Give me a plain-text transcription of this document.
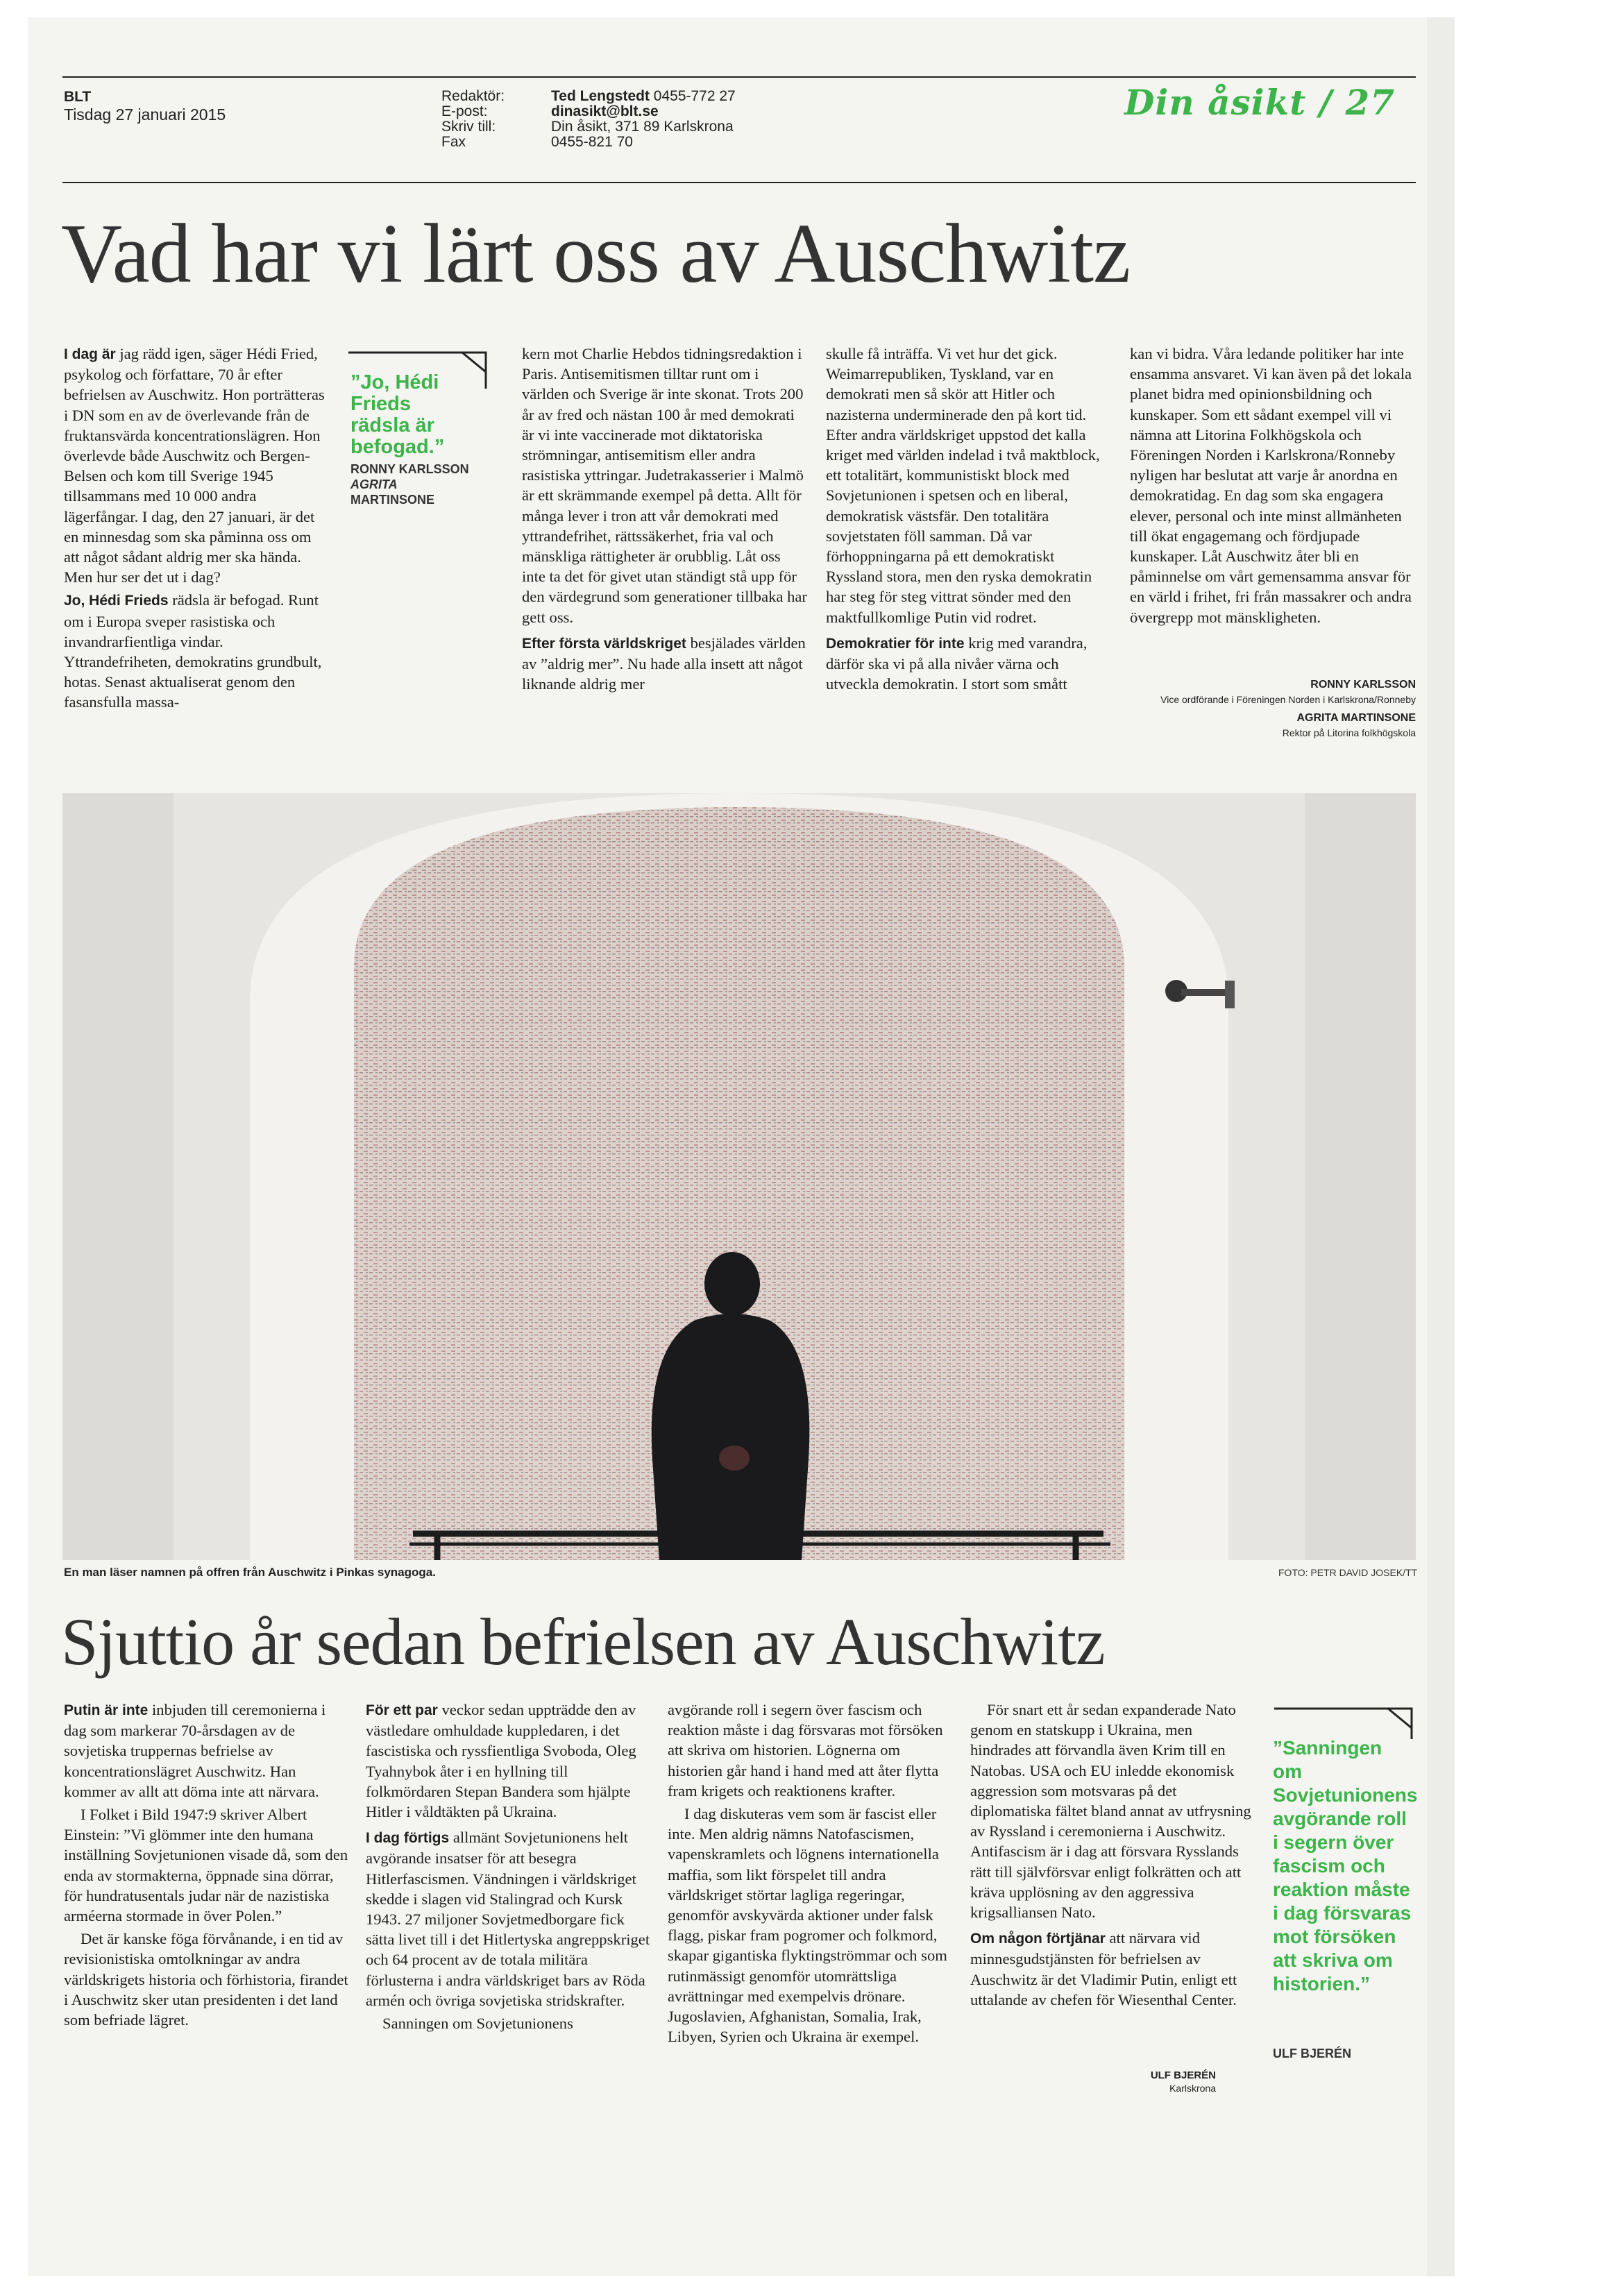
BLT
Tisdag 27 januari 2015
Redaktör:
E-post:
Skriv till:
Fax
Ted Lengstedt 0455-772 27
dinasikt@blt.se
Din åsikt, 371 89 Karlskrona
0455-821 70
Din åsikt / 27
Vad har vi lärt oss av Auschwitz

I dag är jag rädd igen, säger Hédi Fried, psykolog och författare, 70 år efter befrielsen av Auschwitz. Hon porträtteras i DN som en av de överlevande från de fruktansvärda koncentrationslägren. Hon överlevde både Auschwitz och Bergen-Belsen och kom till Sverige 1945 tillsammans med 10 000 andra lägerfångar. I dag, den 27 januari, är det en minnesdag som ska påminna oss om att något sådant aldrig mer ska hända. Men hur ser det ut i dag?

Jo, Hédi Frieds rädsla är befogad. Runt om i Europa sveper rasistiska och invandrarfientliga vindar. Yttrandefriheten, demokratins grundbult, hotas. Senast aktualiserat genom den fasansfulla massa-

”Jo, Hédi Frieds rädsla är befogad.”
RONNY KARLSSON
AGRITA
MARTINSONE

kern mot Charlie Hebdos tidningsredaktion i Paris. Antisemitismen tilltar runt om i världen och Sverige är inte skonat. Trots 200 år av fred och nästan 100 år med demokrati är vi inte vaccinerade mot diktatoriska strömningar, antisemitism eller andra rasistiska yttringar. Judetrakasserier i Malmö är ett skrämmande exempel på detta. Allt för många lever i tron att vår demokrati med yttrandefrihet, rättssäkerhet, fria val och mänskliga rättigheter är orubblig. Låt oss inte ta det för givet utan ständigt stå upp för den värdegrund som generationer tillbaka har gett oss.

Efter första världskriget besjälades världen av ”aldrig mer”. Nu hade alla insett att något liknande aldrig mer

skulle få inträffa. Vi vet hur det gick. Weimarrepubliken, Tyskland, var en demokrati men så skör att Hitler och nazisterna underminerade den på kort tid. Efter andra världskriget uppstod det kalla kriget med världen indelad i två maktblock, ett totalitärt, kommunistiskt block med Sovjetunionen i spetsen och en liberal, demokratisk västsfär. Den totalitära sovjetstaten föll samman. Då var förhoppningarna på ett demokratiskt Ryssland stora, men den ryska demokratin har steg för steg vittrat sönder med den maktfullkomlige Putin vid rodret.

Demokratier för inte krig med varandra, därför ska vi på alla nivåer värna och utveckla demokratin. I stort som smått

kan vi bidra. Våra ledande politiker har inte ensamma ansvaret. Vi kan även på det lokala planet bidra med opinionsbildning och kunskaper. Som ett sådant exempel vill vi nämna att Litorina Folkhögskola och Föreningen Norden i Karlskrona/Ronneby nyligen har beslutat att varje år anordna en demokratidag. En dag som ska engagera elever, personal och inte minst allmänheten till ökat engagemang och fördjupade kunskaper. Låt Auschwitz åter bli en påminnelse om vårt gemensamma ansvar för en värld i frihet, fri från massakrer och andra övergrepp mot mänskligheten.

RONNY KARLSSON
Vice ordförande i Föreningen Norden i Karlskrona/Ronneby
AGRITA MARTINSONE
Rektor på Litorina folkhögskola
En man läser namnen på offren från Auschwitz i Pinkas synagoga.	FOTO: PETR DAVID JOSEK/TT
Sjuttio år sedan befrielsen av Auschwitz

Putin är inte inbjuden till ceremonierna i dag som markerar 70-årsdagen av de sovjetiska truppernas befrielse av koncentrationslägret Auschwitz. Han kommer av allt att döma inte att närvara.

I Folket i Bild 1947:9 skriver Albert Einstein: ”Vi glömmer inte den humana inställning Sovjetunionen visade då, som den enda av stormakterna, öppnade sina dörrar, för hundratusentals judar när de nazistiska arméerna stormade in över Polen.”

Det är kanske föga förvånande, i en tid av revisionistiska omtolkningar av andra världskrigets historia och förhistoria, firandet i Auschwitz sker utan presidenten i det land som befriade lägret.

För ett par veckor sedan uppträdde den av västledare omhuldade kuppledaren, i det fascistiska och ryssfientliga Svoboda, Oleg Tyahnybok åter i en hyllning till folkmördaren Stepan Bandera som hjälpte Hitler i våldtäkten på Ukraina.

I dag förtigs allmänt Sovjetunionens helt avgörande insatser för att besegra Hitlerfascismen. Vändningen i världskriget skedde i slagen vid Stalingrad och Kursk 1943. 27 miljoner Sovjetmedborgare fick sätta livet till i det Hitlertyska angreppskriget och 64 procent av de totala militära förlusterna i andra världskriget bars av Röda armén och övriga sovjetiska stridskrafter.

Sanningen om Sovjetunionens

avgörande roll i segern över fascism och reaktion måste i dag försvaras mot försöken att skriva om historien. Lögnerna om historien går hand i hand med att åter flytta fram krigets och reaktionens krafter.

I dag diskuteras vem som är fascist eller inte. Men aldrig nämns Natofascismen, vapenskramlets och lögnens internationella maffia, som likt förspelet till andra världskriget störtar lagliga regeringar, genomför avskyvärda aktioner under falsk flagg, piskar fram pogromer och folkmord, skapar gigantiska flyktingströmmar och som rutinmässigt genomför utomrättsliga avrättningar med exempelvis drönare. Jugoslavien, Afghanistan, Somalia, Irak, Libyen, Syrien och Ukraina är exempel.

För snart ett år sedan expanderade Nato genom en statskupp i Ukraina, men hindrades att förvandla även Krim till en Natobas. USA och EU inledde ekonomisk aggression som motsvaras på det diplomatiska fältet bland annat av utfrysning av Ryssland i ceremonierna i Auschwitz. Antifascism är i dag att försvara Rysslands rätt till självförsvar enligt folkrätten och att kräva upplösning av den aggressiva krigsalliansen Nato.

Om någon förtjänar att närvara vid minnesgudstjänsten för befrielsen av Auschwitz är det Vladimir Putin, enligt ett uttalande av chefen för Wiesenthal Center.

”Sanningen om Sovjetunionens avgörande roll i segern över fascism och reaktion måste i dag försvaras mot försöken att skriva om historien.”
ULF BJERÉN
ULF BJERÉN
Karlskrona
